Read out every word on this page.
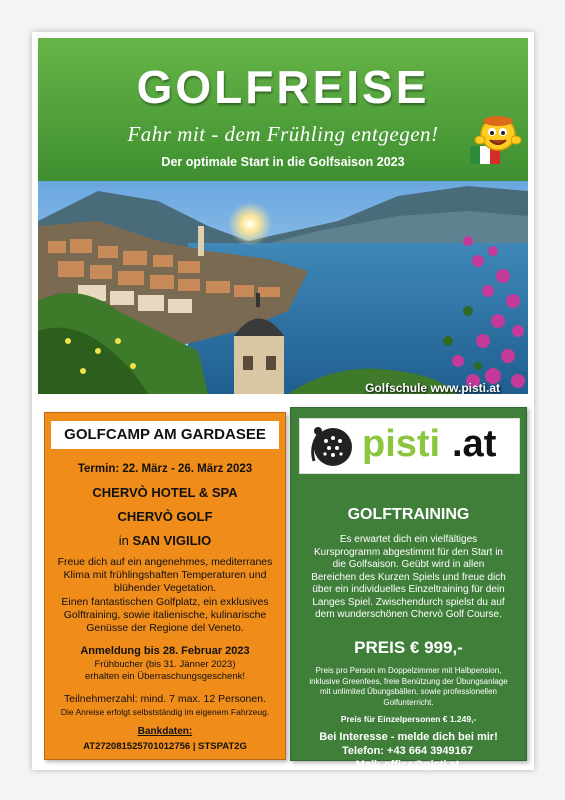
GOLFREISE
Fahr mit - dem Frühling entgegen!
Der optimale Start in die Golfsaison 2023
Golfschule www.pisti.at
GOLFCAMP AM GARDASEE
Termin: 22. März - 26. März 2023
CHERVÒ HOTEL & SPA
CHERVÒ GOLF
in SAN VIGILIO
Freue dich auf ein angenehmes, mediterranes Klima mit frühlingshaften Temperaturen und blühender Vegetation.
Einen fantastischen Golfplatz, ein exklusives Golftraining, sowie italienische, kulinarische Genüsse der Regione del Veneto.
Anmeldung bis 28. Februar 2023
Frühbucher (bis 31. Jänner 2023)
erhalten ein Überraschungsgeschenk!
Teilnehmerzahl: mind. 7 max. 12 Personen.
Die Anreise erfolgt selbstständig im eigenem Fahrzeug.
Bankdaten:
AT272081525701012756 | STSPAT2G
pisti .at
GOLFTRAINING
Es erwartet dich ein vielfältiges Kursprogramm abgestimmt für den Start in die Golfsaison. Geübt wird in allen Bereichen des Kurzen Spiels und freue dich über ein individuelles Einzeltraining für dein Langes Spiel. Zwischendurch spielst du auf dem wunderschönen Chervò Golf Course.
PREIS € 999,-
Preis pro Person im Doppelzimmer mit Halbpension, inklusive Greenfees, freie Benützung der Übungsanlage mit unlimited Übungsbällen, sowie professionellen Golfunterricht.
Preis für Einzelpersonen € 1.249,-
Bei Interesse - melde dich bei mir!
Telefon: +43 664 3949167
Mail: office@pisti.at
